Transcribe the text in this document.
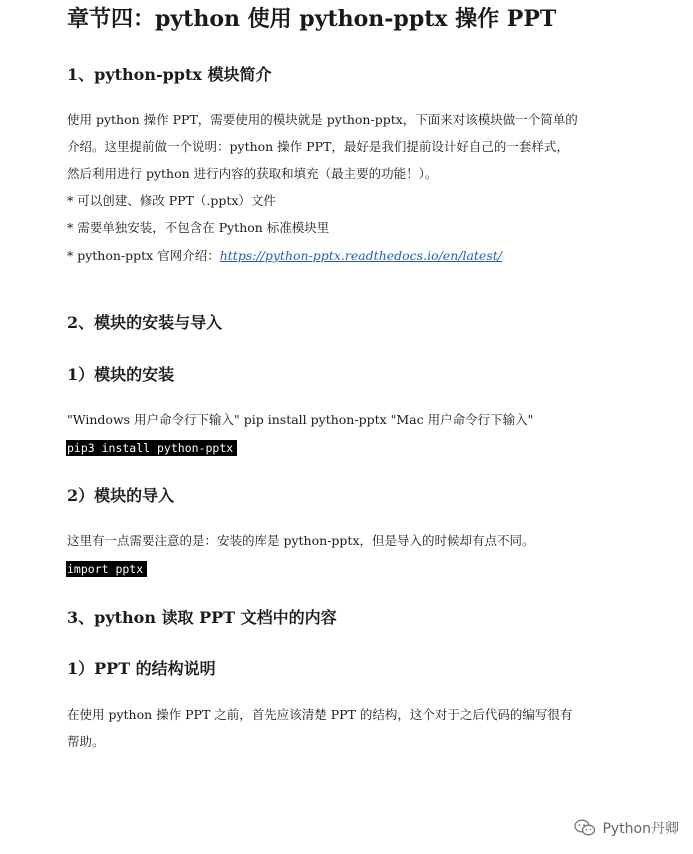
章节四：python 使用 python-pptx 操作 PPT
1、python-pptx 模块简介

使用 python 操作 PPT，需要使用的模块就是 python-pptx，下面来对该模块做一个简单的

介绍。这里提前做一个说明：python 操作 PPT，最好是我们提前设计好自己的一套样式，

然后利用进行 python 进行内容的获取和填充（最主要的功能！）。

* 可以创建、修改 PPT（.pptx）文件

* 需要单独安装，不包含在 Python 标准模块里

* python-pptx 官网介绍：https://python-pptx.readthedocs.io/en/latest/

2、模块的安装与导入
1）模块的安装

"Windows 用户命令行下输入" pip install python-pptx "Mac 用户命令行下输入"

pip3 install python-pptx
2）模块的导入

这里有一点需要注意的是：安装的库是 python-pptx，但是导入的时候却有点不同。

import pptx
3、python 读取 PPT 文档中的内容
1）PPT 的结构说明

在使用 python 操作 PPT 之前，首先应该清楚 PPT 的结构，这个对于之后代码的编写很有

帮助。

Python丹卿
